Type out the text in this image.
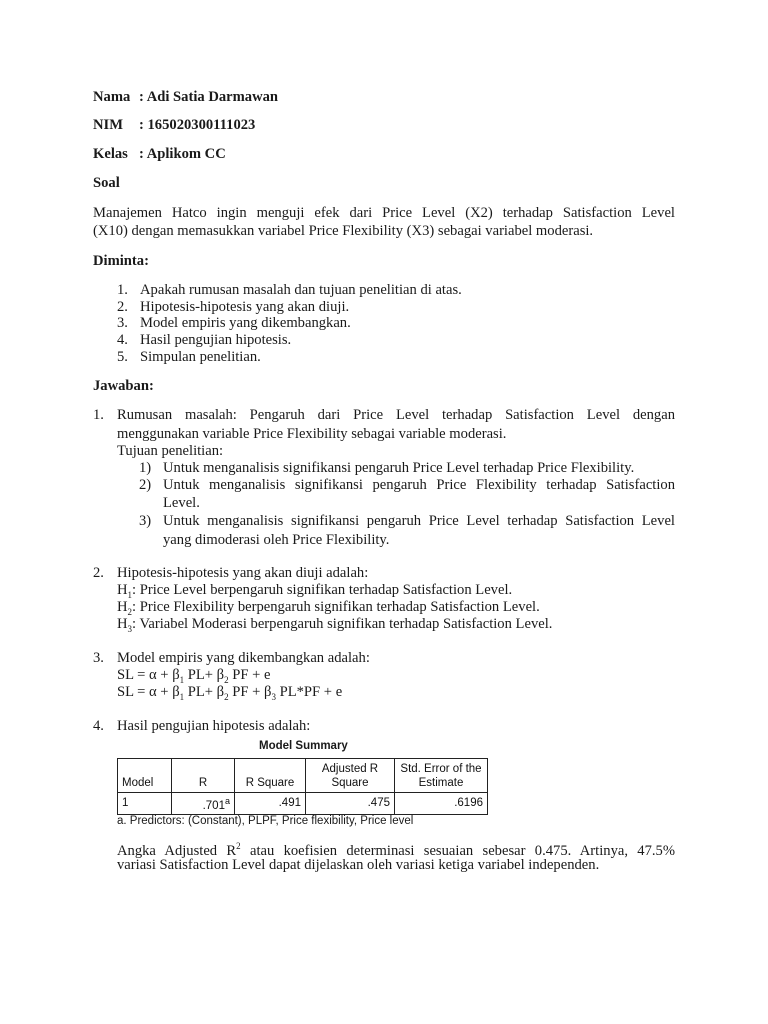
Nama : Adi Satia Darmawan
NIM : 165020300111023
Kelas : Aplikom CC
Soal
Manajemen Hatco ingin menguji efek dari Price Level (X2) terhadap Satisfaction Level
(X10) dengan memasukkan variabel Price Flexibility (X3) sebagai variabel moderasi.
Diminta:
1. Apakah rumusan masalah dan tujuan penelitian di atas.
2. Hipotesis-hipotesis yang akan diuji.
3. Model empiris yang dikembangkan.
4. Hasil pengujian hipotesis.
5. Simpulan penelitian.
Jawaban:
1. Rumusan masalah: Pengaruh dari Price Level terhadap Satisfaction Level dengan
menggunakan variable Price Flexibility sebagai variable moderasi.
Tujuan penelitian:
1) Untuk menganalisis signifikansi pengaruh Price Level terhadap Price Flexibility.
2) Untuk menganalisis signifikansi pengaruh Price Flexibility terhadap Satisfaction
Level.
3) Untuk menganalisis signifikansi pengaruh Price Level terhadap Satisfaction Level
yang dimoderasi oleh Price Flexibility.
2. Hipotesis-hipotesis yang akan diuji adalah:
$H_1$: Price Level berpengaruh signifikan terhadap Satisfaction Level.
$H_2$: Price Flexibility berpengaruh signifikan terhadap Satisfaction Level.
$H_3$: Variabel Moderasi berpengaruh signifikan terhadap Satisfaction Level.
3. Model empiris yang dikembangkan adalah:
SL = $\alpha + \beta_1$ $PL+ \beta_2$ PF + e
SL = $\alpha + \beta_1$ $PL+ \beta_2$ PF + $\beta_3$ PL*PF + e
4. Hasil pengujian hipotesis adalah:
Model Summary
Model	R	R Square	Adjusted R Square	Std. Error of the Estimate
1	.701$^a$	.491	.475	.6196
a. Predictors: (Constant), PLPF, Price flexibility, Price level
Angka Adjusted $R^2$ atau koefisien determinasi sesuaian sebesar 0.475. Artinya, 47.5%
variasi Satisfaction Level dapat dijelaskan oleh variasi ketiga variabel independen.
